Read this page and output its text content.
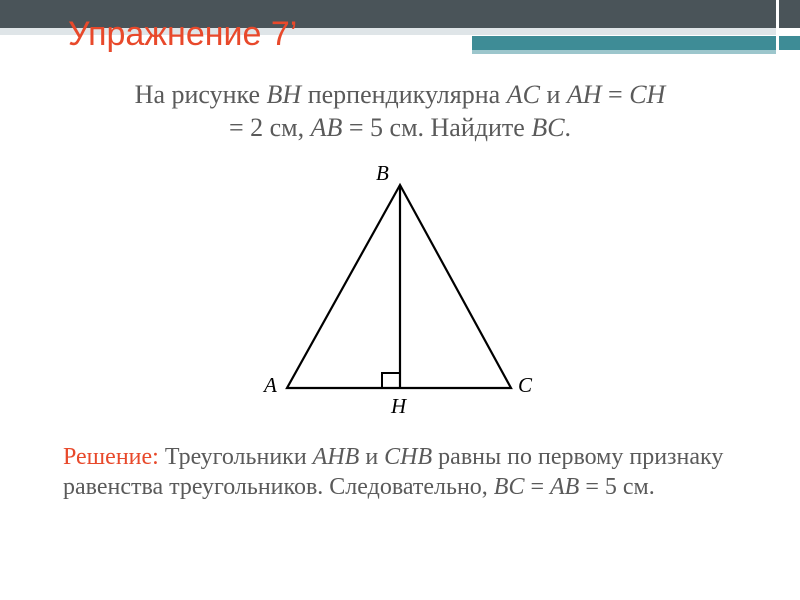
Упражнение 7’
На рисунке BH перпендикулярна AC и AH = CH
= 2 см, AB = 5 см. Найдите BC.
B
A	C
H
Решение: Треугольники AHB и CHB равны по первому признаку равенства треугольников. Следовательно, BC = AB = 5 см.
